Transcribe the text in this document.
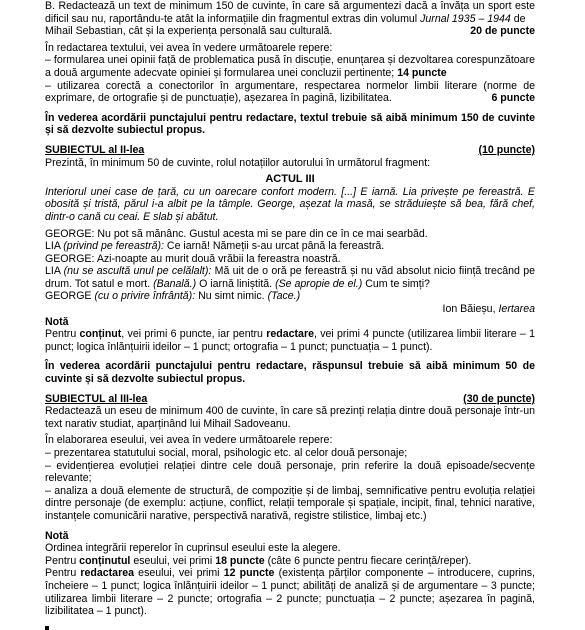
B. Redactează un text de minimum 150 de cuvinte, în care să argumentezi dacă a învăța un sport este dificil sau nu, raportându-te atât la informațiile din fragmentul extras din volumul Jurnal 1935 – 1944 de

Mihail Sebastian, cât și la experiența personală sau culturală.	20 de puncte

În redactarea textului, vei avea în vedere următoarele repere:

– formularea unei opinii față de problematica pusă în discuție, enunțarea și dezvoltarea corespunzătoare a două argumente adecvate opiniei și formularea unei concluzii pertinente; 14 puncte

– utilizarea corectă a conectorilor în argumentare, respectarea normelor limbii literare (norme de exprimare, de ortografie și de punctuație), așezarea în pagină, lizibilitatea.	6 puncte

În vederea acordării punctajului pentru redactare, textul trebuie să aibă minimum 150 de cuvinte și să dezvolte subiectul propus.

SUBIECTUL al II-lea	(10 puncte)

Prezintă, în minimum 50 de cuvinte, rolul notațiilor autorului în următorul fragment:

ACTUL III

Interiorul unei case de țară, cu un oarecare confort modern. [...] E iarnă. Lia privește pe fereastră. E obosită și tristă, părul i-a albit pe la tâmple. George, așezat la masă, se străduiește să bea, fără chef, dintr-o cană cu ceai. E slab și abătut.

GEORGE: Nu pot să mănânc. Gustul acesta mi se pare din ce în ce mai searbăd.

LIA (privind pe fereastră): Ce iarnă! Nămeții s-au urcat până la fereastră.

GEORGE: Azi-noapte au murit două vrăbii la fereastra noastră.

LIA (nu se ascultă unul pe celălalt): Mă uit de o oră pe fereastră și nu văd absolut nicio ființă trecând pe drum. Tot satul e mort. (Banală.) O iarnă liniștită. (Se apropie de el.) Cum te simți?

GEORGE (cu o privire înfrântă): Nu simt nimic. (Tace.)

Ion Băieșu, Iertarea

Notă

Pentru conținut, vei primi 6 puncte, iar pentru redactare, vei primi 4 puncte (utilizarea limbii literare – 1 punct; logica înlănțuirii ideilor – 1 punct; ortografia – 1 punct; punctuația – 1 punct).

În vederea acordării punctajului pentru redactare, răspunsul trebuie să aibă minimum 50 de cuvinte și să dezvolte subiectul propus.

SUBIECTUL al III-lea	(30 de puncte)

Redactează un eseu de minimum 400 de cuvinte, în care să prezinți relația dintre două personaje într-un text narativ studiat, aparținând lui Mihail Sadoveanu.

În elaborarea eseului, vei avea în vedere următoarele repere:

– prezentarea statutului social, moral, psihologic etc. al celor două personaje;

– evidențierea evoluției relației dintre cele două personaje, prin referire la două episoade/secvențe relevante;

– analiza a două elemente de structură, de compoziție și de limbaj, semnificative pentru evoluția relației dintre personaje (de exemplu: acțiune, conflict, relații temporale și spațiale, incipit, final, tehnici narative, instanțele comunicării narative, perspectivă narativă, registre stilistice, limbaj etc.)

Notă

Ordinea integrării reperelor în cuprinsul eseului este la alegere.

Pentru conținutul eseului, vei primi 18 puncte (câte 6 puncte pentru fiecare cerință/reper).

Pentru redactarea eseului, vei primi 12 puncte (existența părților componente – introducere, cuprins, încheiere – 1 punct; logica înlănțuirii ideilor – 1 punct; abilități de analiză și de argumentare – 3 puncte; utilizarea limbii literare – 2 puncte; ortografia – 2 puncte; punctuația – 2 puncte; așezarea în pagină, lizibilitatea – 1 punct).
